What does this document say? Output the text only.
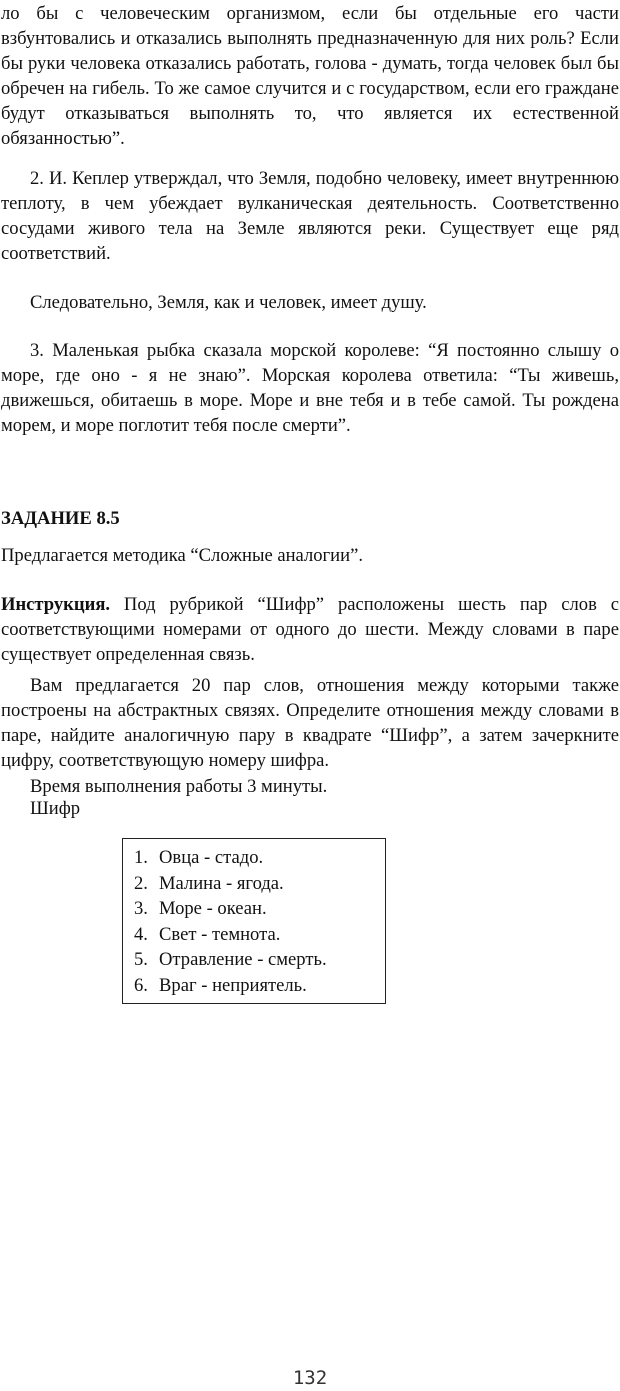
ло бы с человеческим организмом, если бы отдельные его части взбунтовались и отказались выполнять предназначенную для них роль? Если бы руки человека отказались работать, голова - думать, тогда человек был бы обречен на гибель. То же самое случится и с государством, если его граждане будут отказываться выполнять то, что является их естественной обязанностью”.

2. И. Кеплер утверждал, что Земля, подобно человеку, имеет внутреннюю теплоту, в чем убеждает вулканическая деятельность. Соответственно сосудами живого тела на Земле являются реки. Существует еще ряд соответствий.

Следовательно, Земля, как и человек, имеет душу.

3. Маленькая рыбка сказала морской королеве: “Я постоянно слышу о море, где оно - я не знаю”. Морская королева ответила: “Ты живешь, движешься, обитаешь в море. Море и вне тебя и в тебе самой. Ты рождена морем, и море поглотит тебя после смерти”.

ЗАДАНИЕ 8.5

Предлагается методика “Сложные аналогии”.

Инструкция. Под рубрикой “Шифр” расположены шесть пар слов с соответствующими номерами от одного до шести. Между словами в паре существует определенная связь.

Вам предлагается 20 пар слов, отношения между которыми также построены на абстрактных связях. Определите отношения между словами в паре, найдите аналогичную пару в квадрате “Шифр”, а затем зачеркните цифру, соответствующую номеру шифра.

Время выполнения работы 3 минуты.

Шифр

1. Овца - стадо.
2. Малина - ягода.
3. Море - океан.
4. Свет - темнота.
5. Отравление - смерть.
6. Враг - неприятель.
132
